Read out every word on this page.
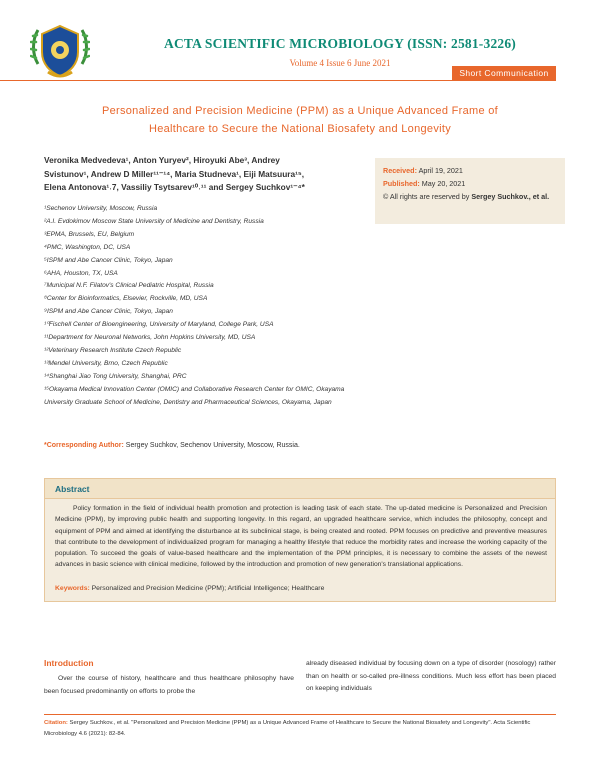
ACTA SCIENTIFIC MICROBIOLOGY (ISSN: 2581-3226)
Volume 4 Issue 6 June 2021
Short Communication
Personalized and Precision Medicine (PPM) as a Unique Advanced Frame of
Healthcare to Secure the National Biosafety and Longevity
Veronika Medvedeva¹, Anton Yuryev², Hiroyuki Abe³, Andrey
Svistunov¹, Andrew D Miller¹¹⁻¹⁴, Maria Studneva¹, Eiji Matsuura¹⁵,
Elena Antonova¹˒7, Vassiliy Tsytsarev¹⁰˒¹¹ and Sergey Suchkov¹⁻⁴*
¹Sechenov University, Moscow, Russia
²A.I. Evdokimov Moscow State University of Medicine and Dentistry, Russia
³EPMA, Brussels, EU, Belgium
⁴PMC, Washington, DC, USA
⁵ISPM and Abe Cancer Clinic, Tokyo, Japan
⁶AHA, Houston, TX, USA
⁷Municipal N.F. Filatov's Clinical Pediatric Hospital, Russia
⁸Center for Bioinformatics, Elsevier, Rockville, MD, USA
⁹ISPM and Abe Cancer Clinic, Tokyo, Japan
¹⁰Fischell Center of Bioengineering, University of Maryland, College Park, USA
¹¹Department for Neuronal Networks, John Hopkins University, MD, USA
¹²Veterinary Research Institute Czech Republic
¹³Mendel University, Brno, Czech Republic
¹⁴Shanghai Jiao Tong University, Shanghai, PRC
¹⁵Okayama Medical Innovation Center (OMIC) and Collaborative Research Center for OMIC, Okayama University Graduate School of Medicine, Dentistry and Pharmaceutical Sciences, Okayama, Japan
*Corresponding Author: Sergey Suchkov, Sechenov University, Moscow, Russia.
Received: April 19, 2021
Published: May 20, 2021
© All rights are reserved by Sergey Suchkov., et al.
Abstract
Policy formation in the field of individual health promotion and protection is leading task of each state. The up-dated medicine is Personalized and Precision Medicine (PPM), by improving public health and supporting longevity. In this regard, an upgraded healthcare service, which includes the philosophy, concept and equipment of PPM and aimed at identifying the disturbance at its subclinical stage, is being created and rooted. PPM focuses on predictive and preventive measures that contribute to the development of individualized program for managing a healthy lifestyle that reduce the morbidity rates and increase the working capacity of the population. To succeed the goals of value-based healthcare and the implementation of the PPM principles, it is necessary to combine the assets of the newest advances in basic science with clinical medicine, followed by the introduction and promotion of new generation's translational applications.
Keywords: Personalized and Precision Medicine (PPM); Artificial Intelligence; Healthcare
Introduction
Over the course of history, healthcare and thus healthcare philosophy have been focused predominantly on efforts to probe the
already diseased individual by focusing down on a type of disorder (nosology) rather than on health or so-called pre-illness conditions. Much less effort has been placed on keeping individuals
Citation: Sergey Suchkov., et al. "Personalized and Precision Medicine (PPM) as a Unique Advanced Frame of Healthcare to Secure the National Biosafety and Longevity". Acta Scientific Microbiology 4.6 (2021): 82-84.
